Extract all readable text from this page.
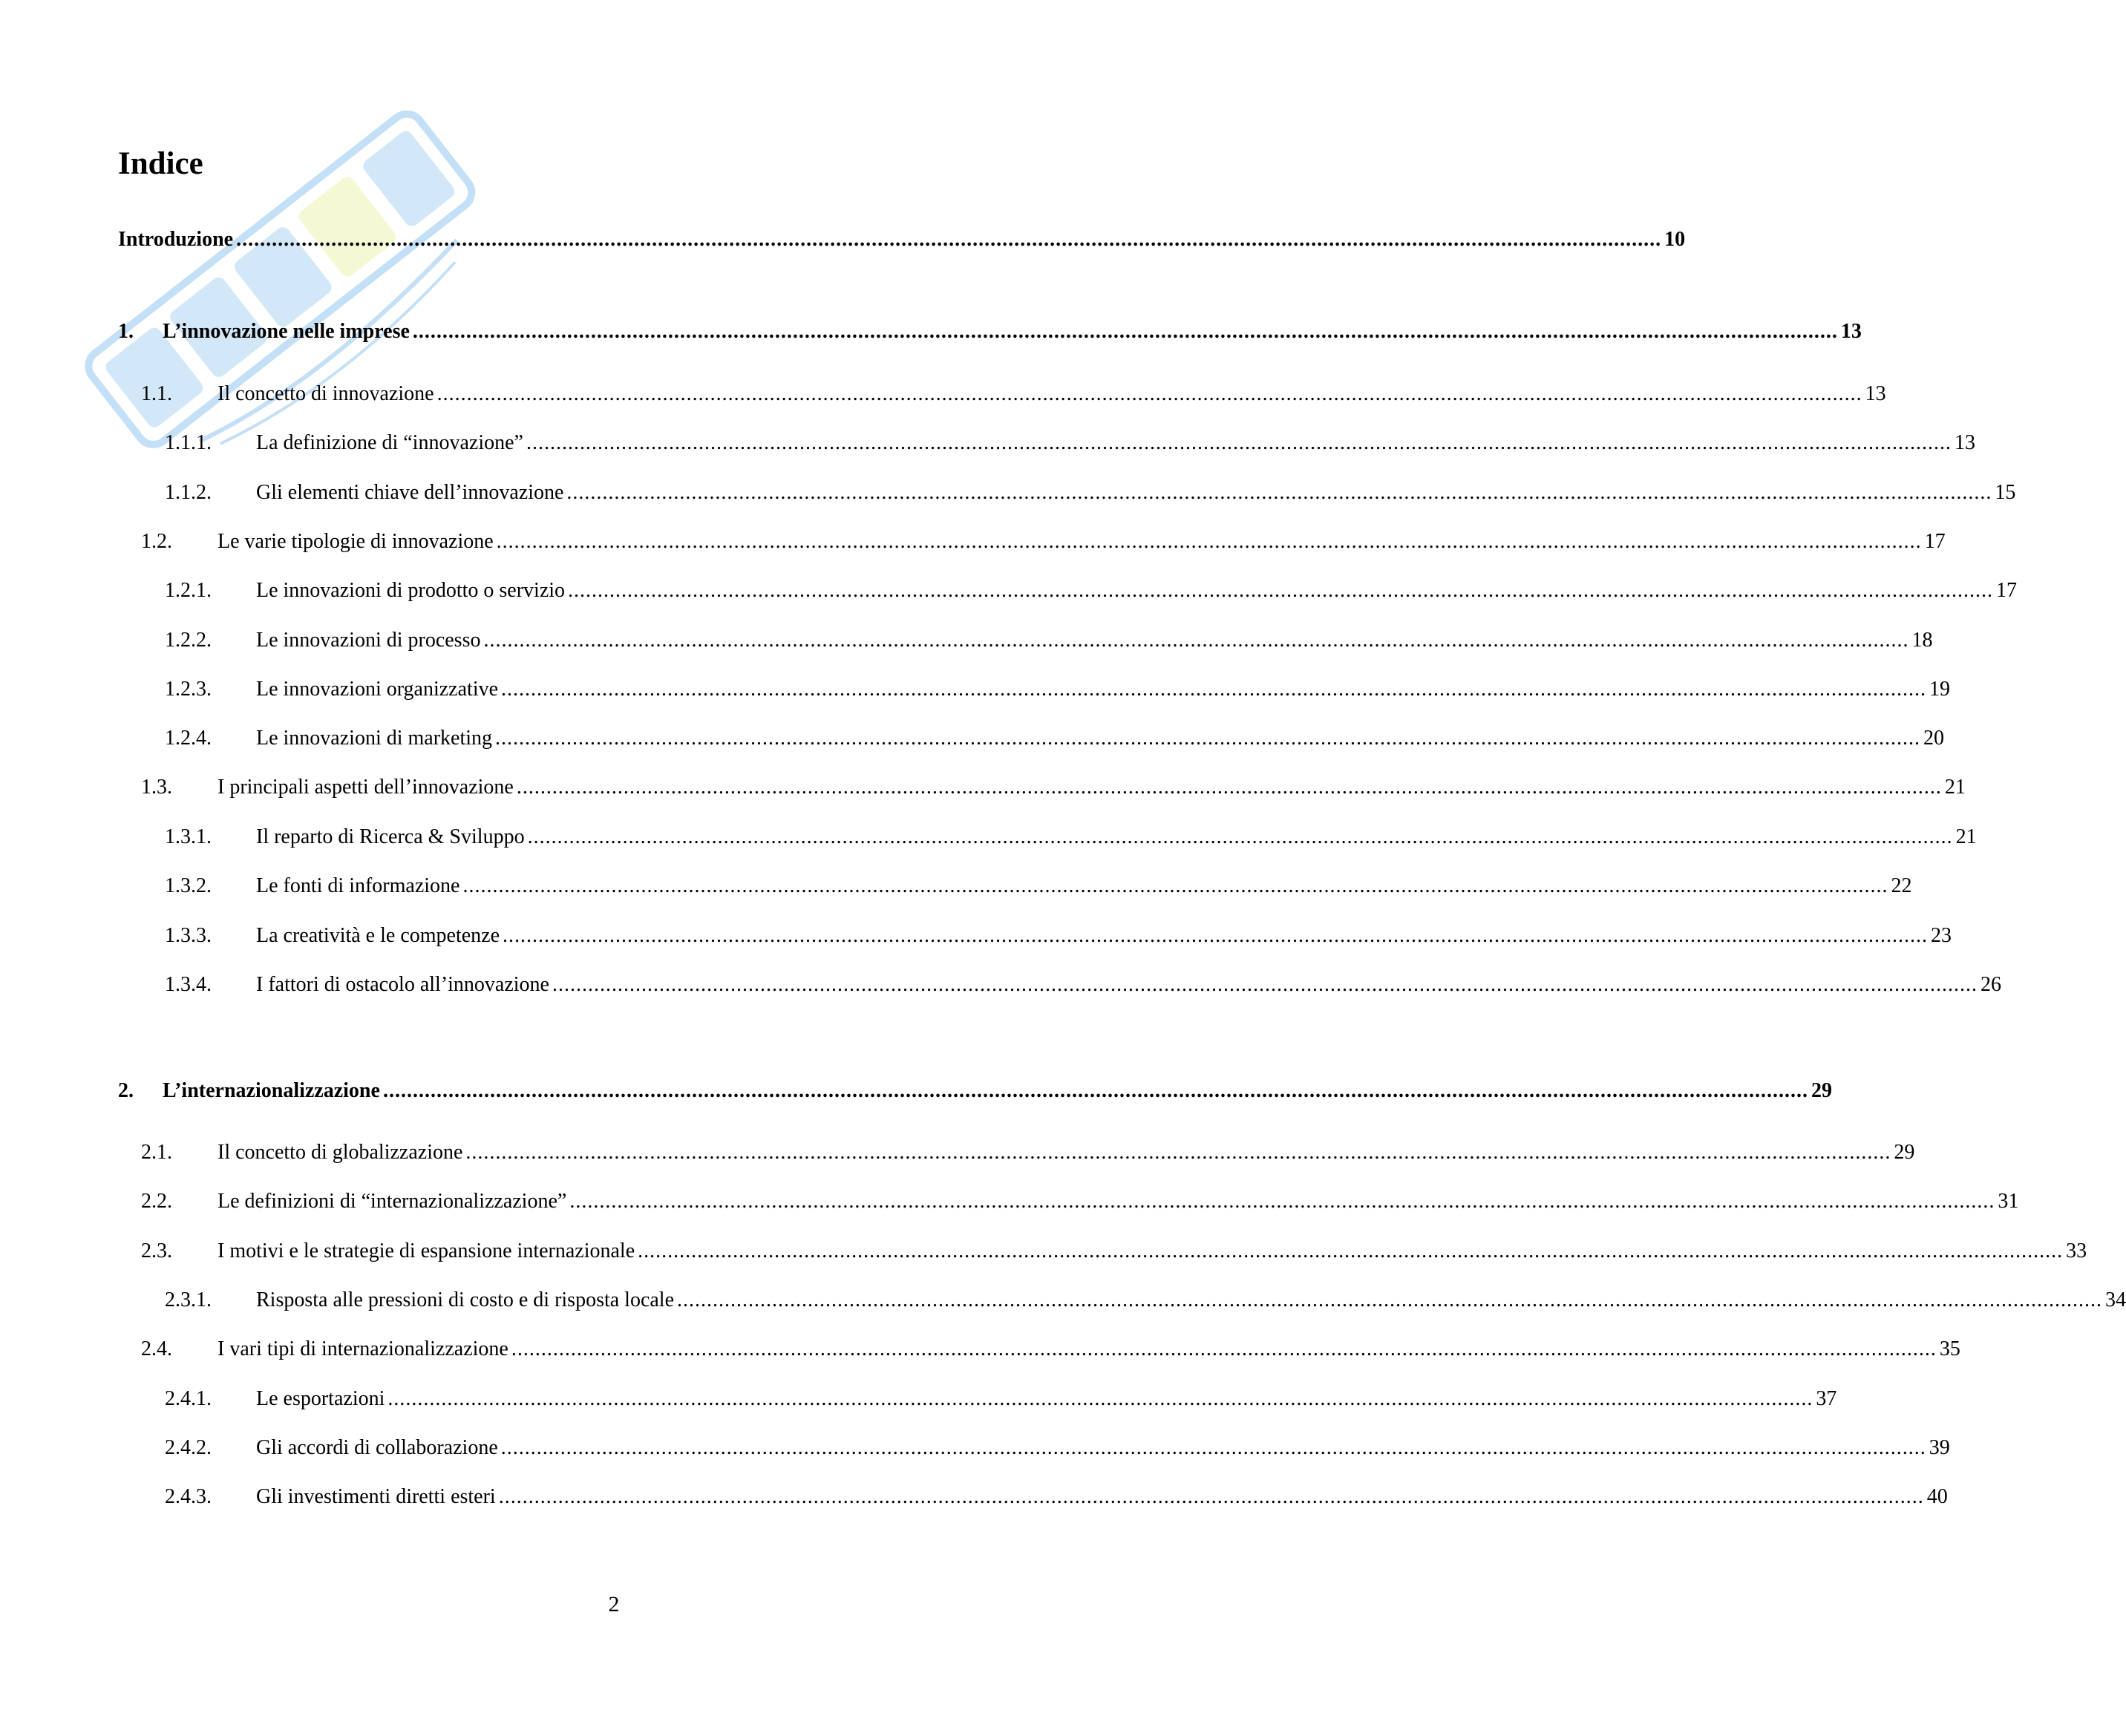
Indice
Introduzione ................................................................................................................................................................................................................................................ 10
1.	L’innovazione nelle imprese ................................................................................................................................................................................................................................................ 13
1.1.	Il concetto di innovazione ................................................................................................................................................................................................................................................ 13
1.1.1.	La definizione di “innovazione” ................................................................................................................................................................................................................................................ 13
1.1.2.	Gli elementi chiave dell’innovazione ................................................................................................................................................................................................................................................ 15
1.2.	Le varie tipologie di innovazione ................................................................................................................................................................................................................................................ 17
1.2.1.	Le innovazioni di prodotto o servizio ................................................................................................................................................................................................................................................ 17
1.2.2.	Le innovazioni di processo ................................................................................................................................................................................................................................................ 18
1.2.3.	Le innovazioni organizzative ................................................................................................................................................................................................................................................ 19
1.2.4.	Le innovazioni di marketing ................................................................................................................................................................................................................................................ 20
1.3.	I principali aspetti dell’innovazione ................................................................................................................................................................................................................................................ 21
1.3.1.	Il reparto di Ricerca & Sviluppo ................................................................................................................................................................................................................................................ 21
1.3.2.	Le fonti di informazione ................................................................................................................................................................................................................................................ 22
1.3.3.	La creatività e le competenze ................................................................................................................................................................................................................................................ 23
1.3.4.	I fattori di ostacolo all’innovazione ................................................................................................................................................................................................................................................ 26
2.	L’internazionalizzazione ................................................................................................................................................................................................................................................ 29
2.1.	Il concetto di globalizzazione ................................................................................................................................................................................................................................................ 29
2.2.	Le definizioni di “internazionalizzazione” ................................................................................................................................................................................................................................................ 31
2.3.	I motivi e le strategie di espansione internazionale ................................................................................................................................................................................................................................................ 33
2.3.1.	Risposta alle pressioni di costo e di risposta locale ................................................................................................................................................................................................................................................ 34
2.4.	I vari tipi di internazionalizzazione ................................................................................................................................................................................................................................................ 35
2.4.1.	Le esportazioni ................................................................................................................................................................................................................................................ 37
2.4.2.	Gli accordi di collaborazione ................................................................................................................................................................................................................................................ 39
2.4.3.	Gli investimenti diretti esteri ................................................................................................................................................................................................................................................ 40
2
